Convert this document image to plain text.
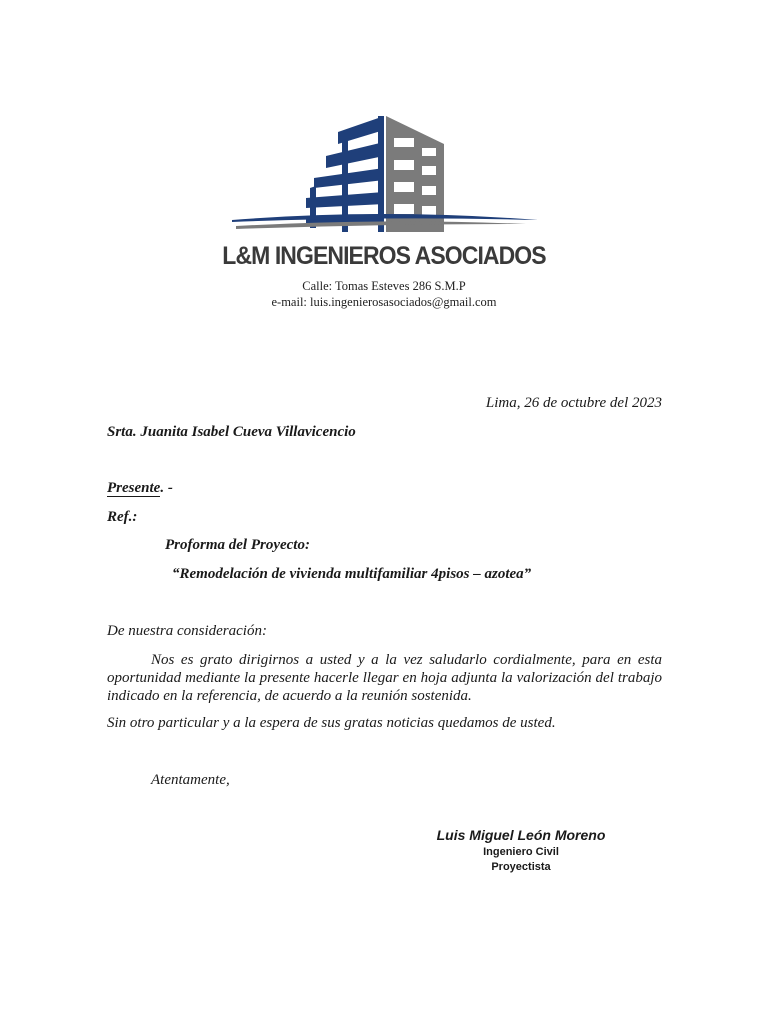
L&M INGENIEROS ASOCIADOS
Calle: Tomas Esteves 286 S.M.P
e-mail: luis.ingenierosasociados@gmail.com
Lima, 26 de octubre del 2023
Srta. Juanita Isabel Cueva Villavicencio
Presente. -
Ref.:
Proforma del Proyecto:
“Remodelación de vivienda multifamiliar 4pisos – azotea”
De nuestra consideración:
Nos es grato dirigirnos a usted y a la vez saludarlo cordialmente, para en esta oportunidad mediante la presente hacerle llegar en hoja adjunta la valorización del trabajo indicado en la referencia, de acuerdo a la reunión sostenida.
Sin otro particular y a la espera de sus gratas noticias quedamos de usted.
Atentamente,
Luis Miguel León Moreno
Ingeniero Civil
Proyectista
